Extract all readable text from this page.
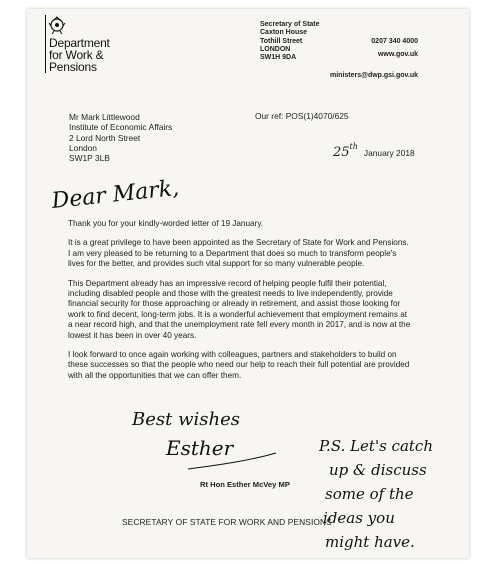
Department
for Work &
Pensions
Secretary of State
Caxton House
Tothill Street
LONDON
SW1H 9DA
0207 340 4000
www.gov.uk
ministers@dwp.gsi.gov.uk
Mr Mark Littlewood
Institute of Economic Affairs
2 Lord North Street
London
SW1P 3LB
Our ref: POS(1)4070/625
25thJanuary 2018
Dear Mark,

Thank you for your kindly-worded letter of 19 January.

It is a great privilege to have been appointed as the Secretary of State for Work and Pensions. I am very pleased to be returning to a Department that does so much to transform people's lives for the better, and provides such vital support for so many vulnerable people.

This Department already has an impressive record of helping people fulfil their potential, including disabled people and those with the greatest needs to live independently, provide financial security for those approaching or already in retirement, and assist those looking for work to find decent, long-term jobs. It is a wonderful achievement that employment remains at a near record high, and that the unemployment rate fell every month in 2017, and is now at the lowest it has been in over 40 years.

I look forward to once again working with colleagues, partners and stakeholders to build on these successes so that the people who need our help to reach their full potential are provided with all the opportunities that we can offer them.

Best wishes
Esther
Rt Hon Esther McVey MP
SECRETARY OF STATE FOR WORK AND PENSIONS
P.S. Let's catch
up & discuss
some of the
ideas you
might have.
